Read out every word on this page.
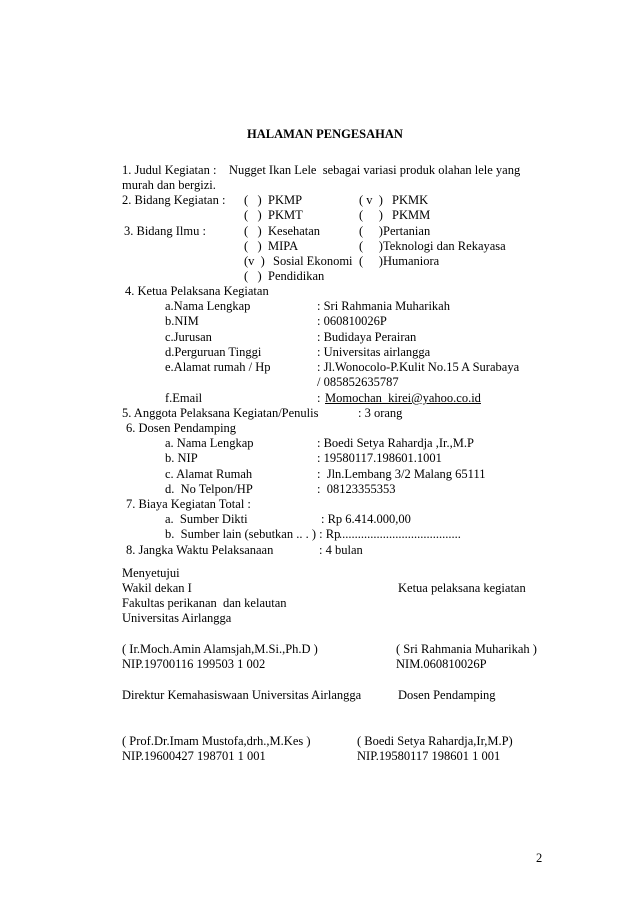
HALAMAN PENGESAHAN
1. Judul Kegiatan : Nugget Ikan Lele  sebagai variasi produk olahan lele yang
murah dan bergizi.
2. Bidang Kegiatan : (   ) PKMP	( v  ) PKMK
(   ) PKMT	(     ) PKMM
3. Bidang Ilmu :	(   ) Kesehatan	(     ) Pertanian
(   ) MIPA	(     ) Teknologi dan Rekayasa
(v  ) Sosial Ekonomi (     ) Humaniora
(   ) Pendidikan
4. Ketua Pelaksana Kegiatan
a.Nama Lengkap	: Sri Rahmania Muharikah
b.NIM	: 060810026P
c.Jurusan	: Budidaya Perairan
d.Perguruan Tinggi	: Universitas airlangga
e.Alamat rumah / Hp	: Jl.Wonocolo-P.Kulit No.15 A Surabaya
/ 085852635787
f.Email	: Momochan_kirei@yahoo.co.id
5. Anggota Pelaksana Kegiatan/Penulis	: 3 orang
6. Dosen Pendamping
a. Nama Lengkap	: Boedi Setya Rahardja ,Ir.,M.P
b. NIP	: 19580117.198601.1001
c. Alamat Rumah	:  Jln.Lembang 3/2 Malang 65111
d.  No Telpon/HP	:  08123355353
7. Biaya Kegiatan Total :
a.  Sumber Dikti	: Rp 6.414.000,00
b.  Sumber lain (sebutkan .. . ) : Rp
.......................................
8. Jangka Waktu Pelaksanaan	: 4 bulan
Menyetujui
Wakil dekan I	Ketua pelaksana kegiatan
Fakultas perikanan  dan kelautan
Universitas Airlangga
( Ir.Moch.Amin Alamsjah,M.Si.,Ph.D )	( Sri Rahmania Muharikah )
NIP.19700116 199503 1 002	NIM.060810026P
Direktur Kemahasiswaan Universitas Airlangga	Dosen Pendamping
( Prof.Dr.Imam Mustofa,drh.,M.Kes )	( Boedi Setya Rahardja,Ir,M.P)
NIP.19600427 198701 1 001	NIP.19580117 198601 1 001
2
